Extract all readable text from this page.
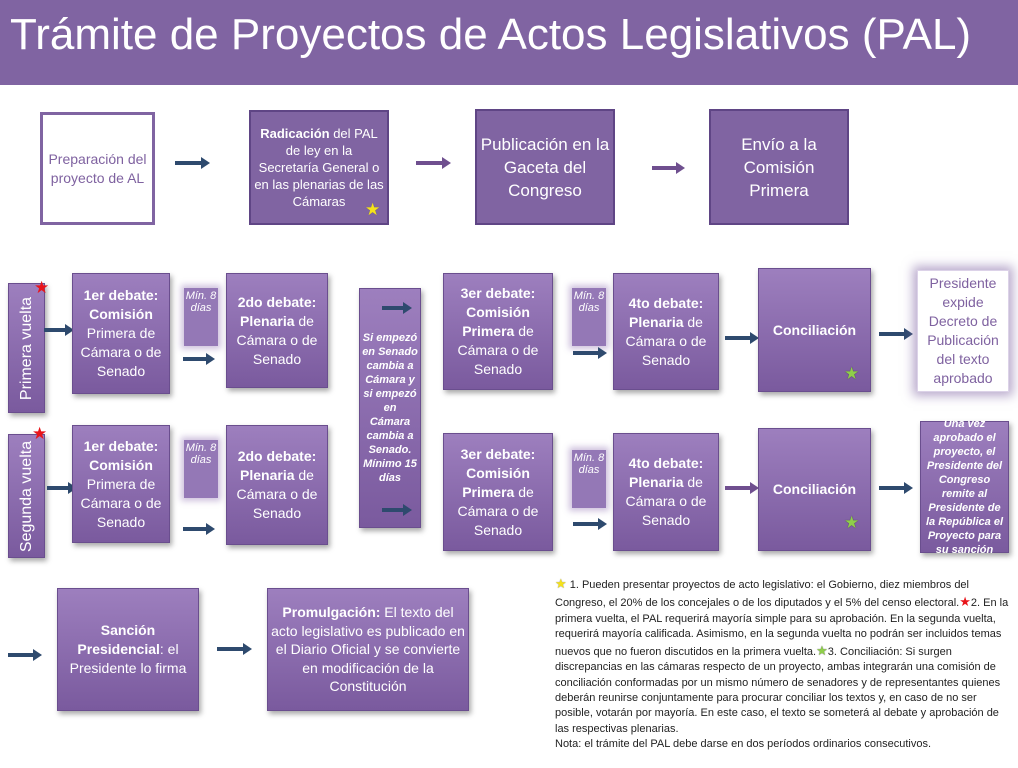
Trámite de Proyectos de Actos Legislativos (PAL)
Preparación del proyecto de AL
Radicación del PAL de ley en la Secretaría General o en las plenarias de las Cámaras	★
Publicación en la Gaceta del Congreso
Envío a la Comisión Primera
Primera vuelta
★	1er debate:
Comisión Primera de Cámara o de Senado
Mín. 8 días	2do debate:
Plenaria de Cámara o de Senado
3er debate:
Comisión Primera de Cámara o de Senado
Mín. 8 días	4to debate:
Plenaria de Cámara o de Senado
Conciliación
★
Presidente expide Decreto de Publicación del texto aprobado
Si empezó en Senado cambia a Cámara y si empezó en Cámara cambia a Senado. Mínimo 15 días
Segunda vuelta
★
1er debate:
Comisión Primera de Cámara o de Senado
Mín. 8 días	2do debate:
Plenaria de Cámara o de Senado
3er debate:
Comisión Primera de Cámara o de Senado
Mín. 8 días	4to debate:
Plenaria de Cámara o de Senado
Conciliación
★
Una vez aprobado el proyecto, el Presidente del Congreso remite al Presidente de la República el Proyecto para su sanción
Sanción Presidencial: el Presidente lo firma
Promulgación: El texto del acto legislativo es publicado en el Diario Oficial y se convierte en modificación de la Constitución

★ 1. Pueden presentar proyectos de acto legislativo: el Gobierno, diez miembros del Congreso, el 20% de los concejales o de los diputados y el 5% del censo electoral.★2. En la primera vuelta, el PAL requerirá mayoría simple para su aprobación. En la segunda vuelta, requerirá mayoría calificada. Asimismo, en la segunda vuelta no podrán ser incluidos temas nuevos que no fueron discutidos en la primera vuelta.★3. Conciliación: Si surgen discrepancias en las cámaras respecto de un proyecto, ambas integrarán una comisión de conciliación conformadas por un mismo número de senadores y de representantes quienes deberán reunirse conjuntamente para procurar conciliar los textos y, en caso de no ser posible, votarán por mayoría. En este caso, el texto se someterá al debate y aprobación de las respectivas plenarias.

Nota: el trámite del PAL debe darse en dos períodos ordinarios consecutivos.
